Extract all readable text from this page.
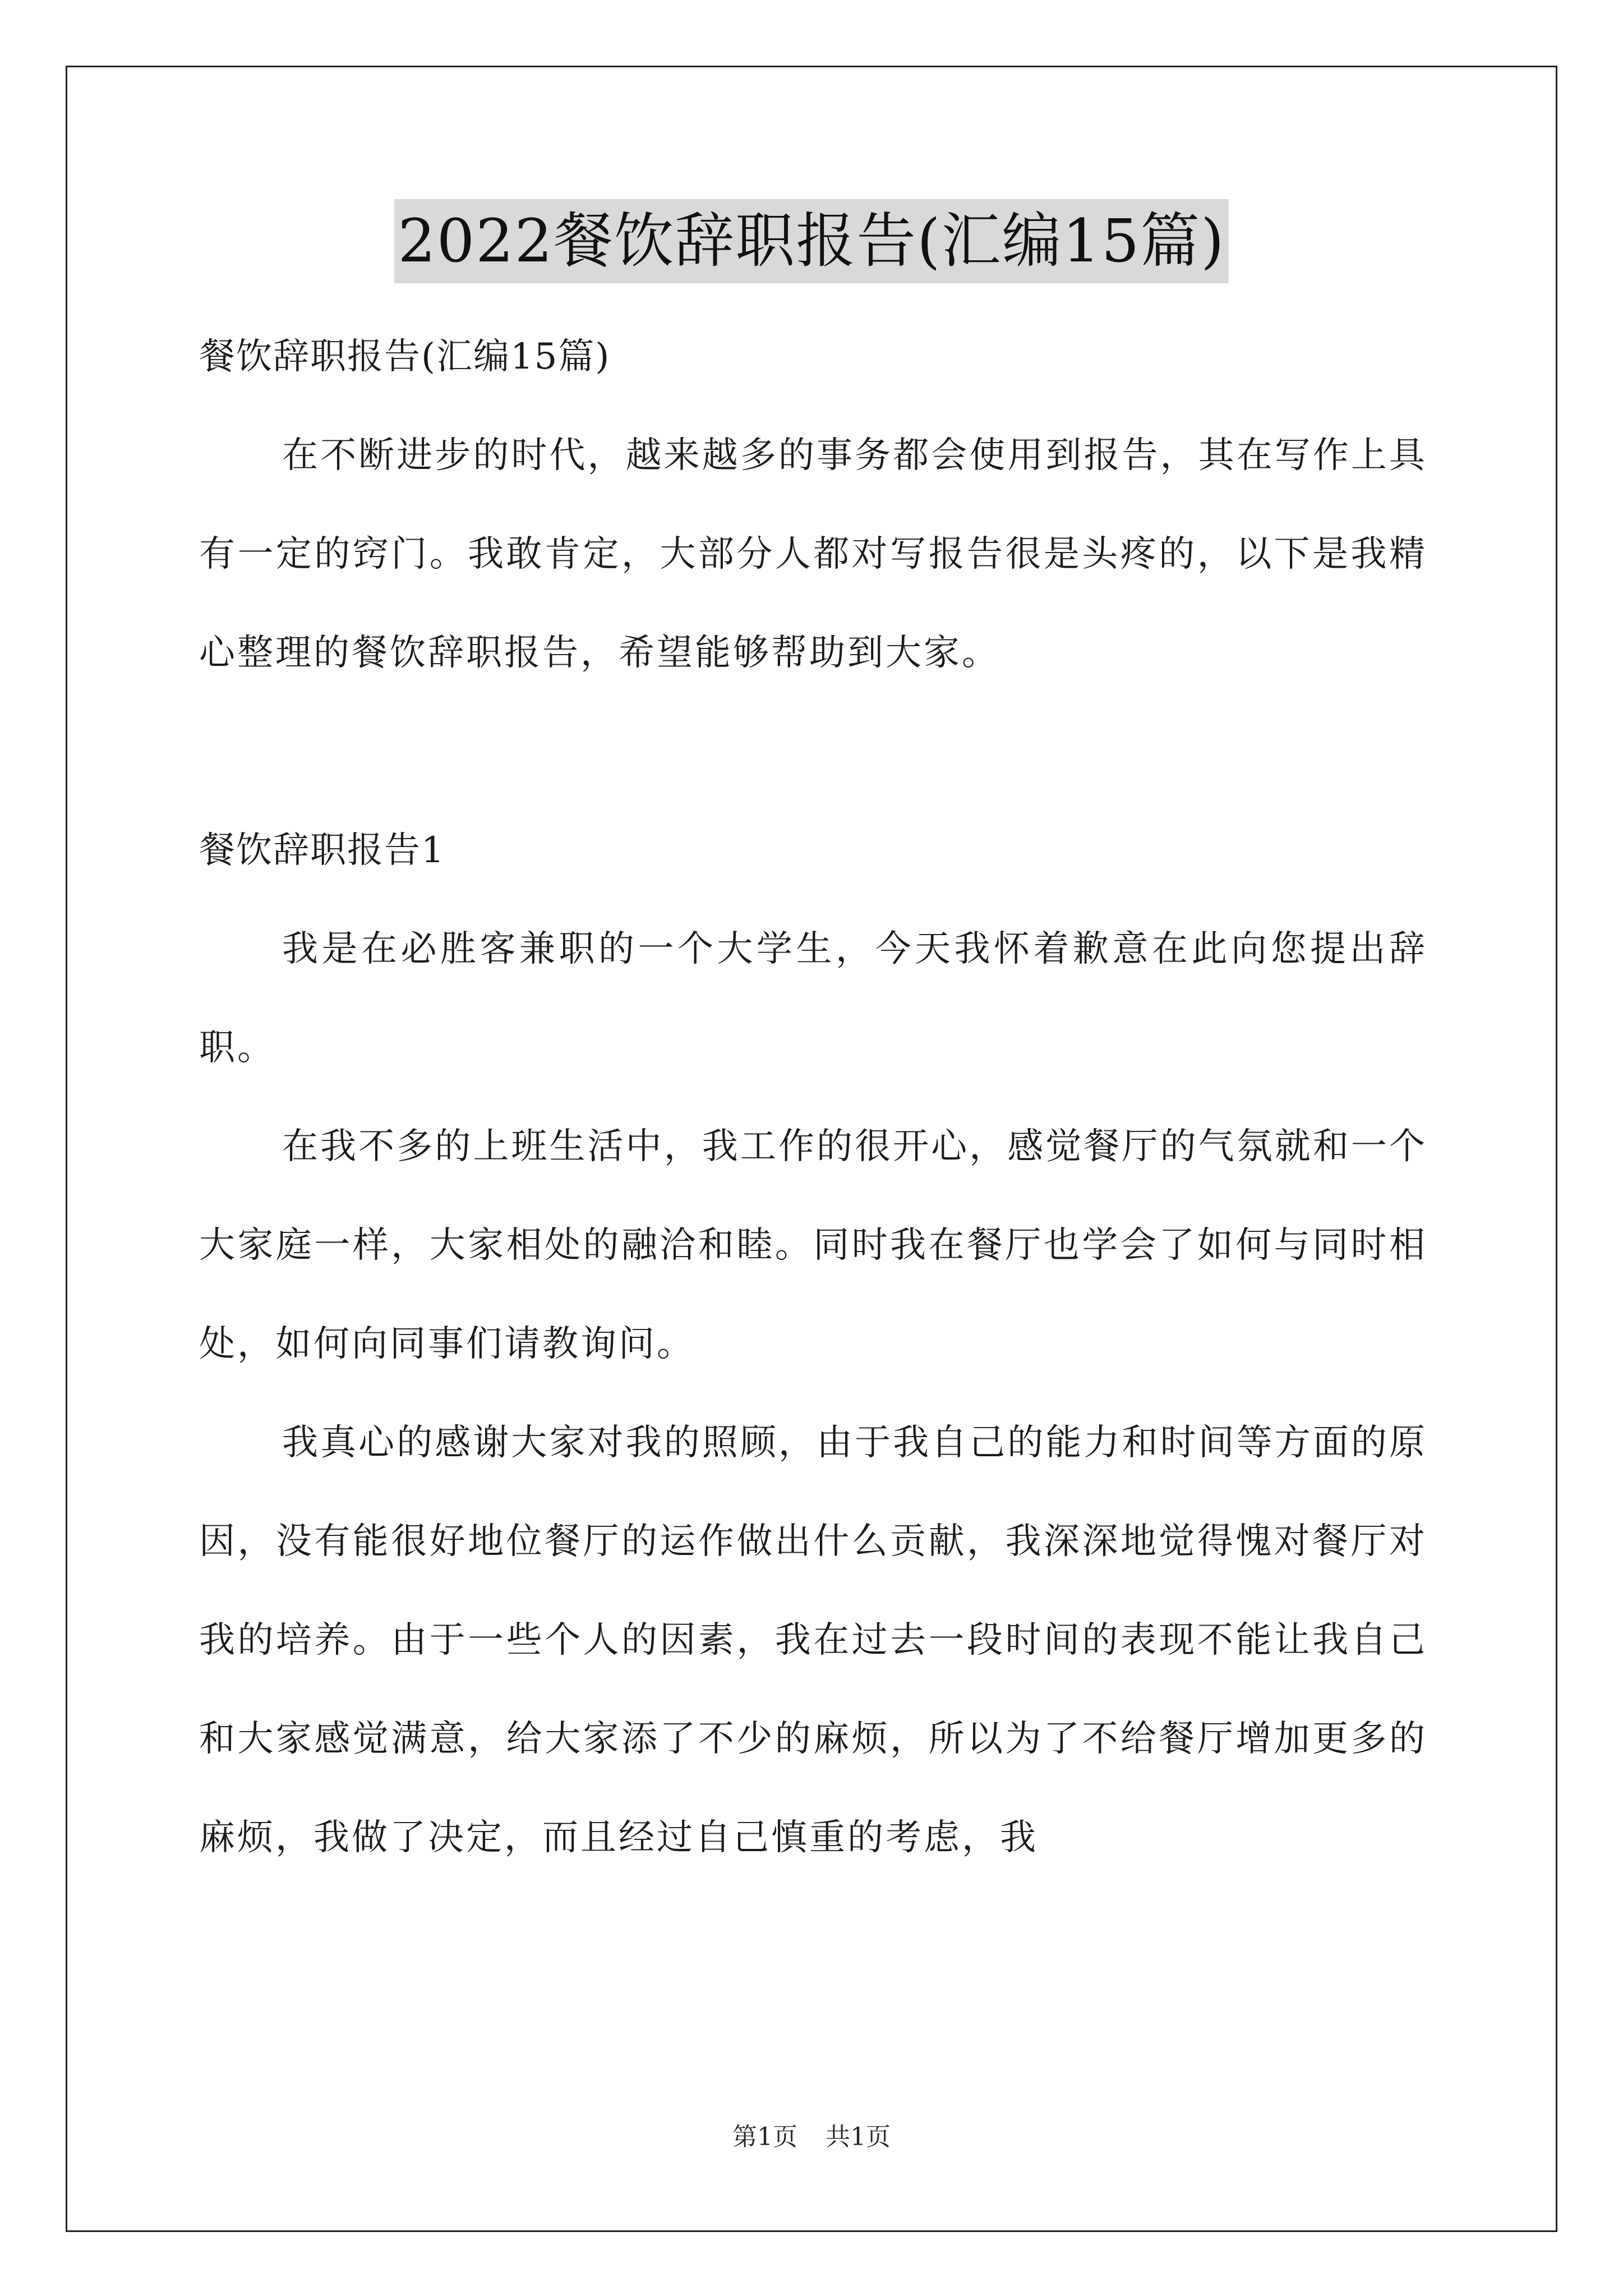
2022餐饮辞职报告(汇编15篇)

餐饮辞职报告(汇编15篇)

在不断进步的时代，越来越多的事务都会使用到报告，其在写作上具有一定的窍门。我敢肯定，大部分人都对写报告很是头疼的，以下是我精心整理的餐饮辞职报告，希望能够帮助到大家。

餐饮辞职报告1

我是在必胜客兼职的一个大学生，今天我怀着歉意在此向您提出辞职。

在我不多的上班生活中，我工作的很开心，感觉餐厅的气氛就和一个大家庭一样，大家相处的融洽和睦。同时我在餐厅也学会了如何与同时相处，如何向同事们请教询问。

我真心的感谢大家对我的照顾，由于我自己的能力和时间等方面的原因，没有能很好地位餐厅的运作做出什么贡献，我深深地觉得愧对餐厅对我的培养。由于一些个人的因素，我在过去一段时间的表现不能让我自己和大家感觉满意，给大家添了不少的麻烦，所以为了不给餐厅增加更多的麻烦，我做了决定，而且经过自己慎重的考虑，我

第1页 共1页
